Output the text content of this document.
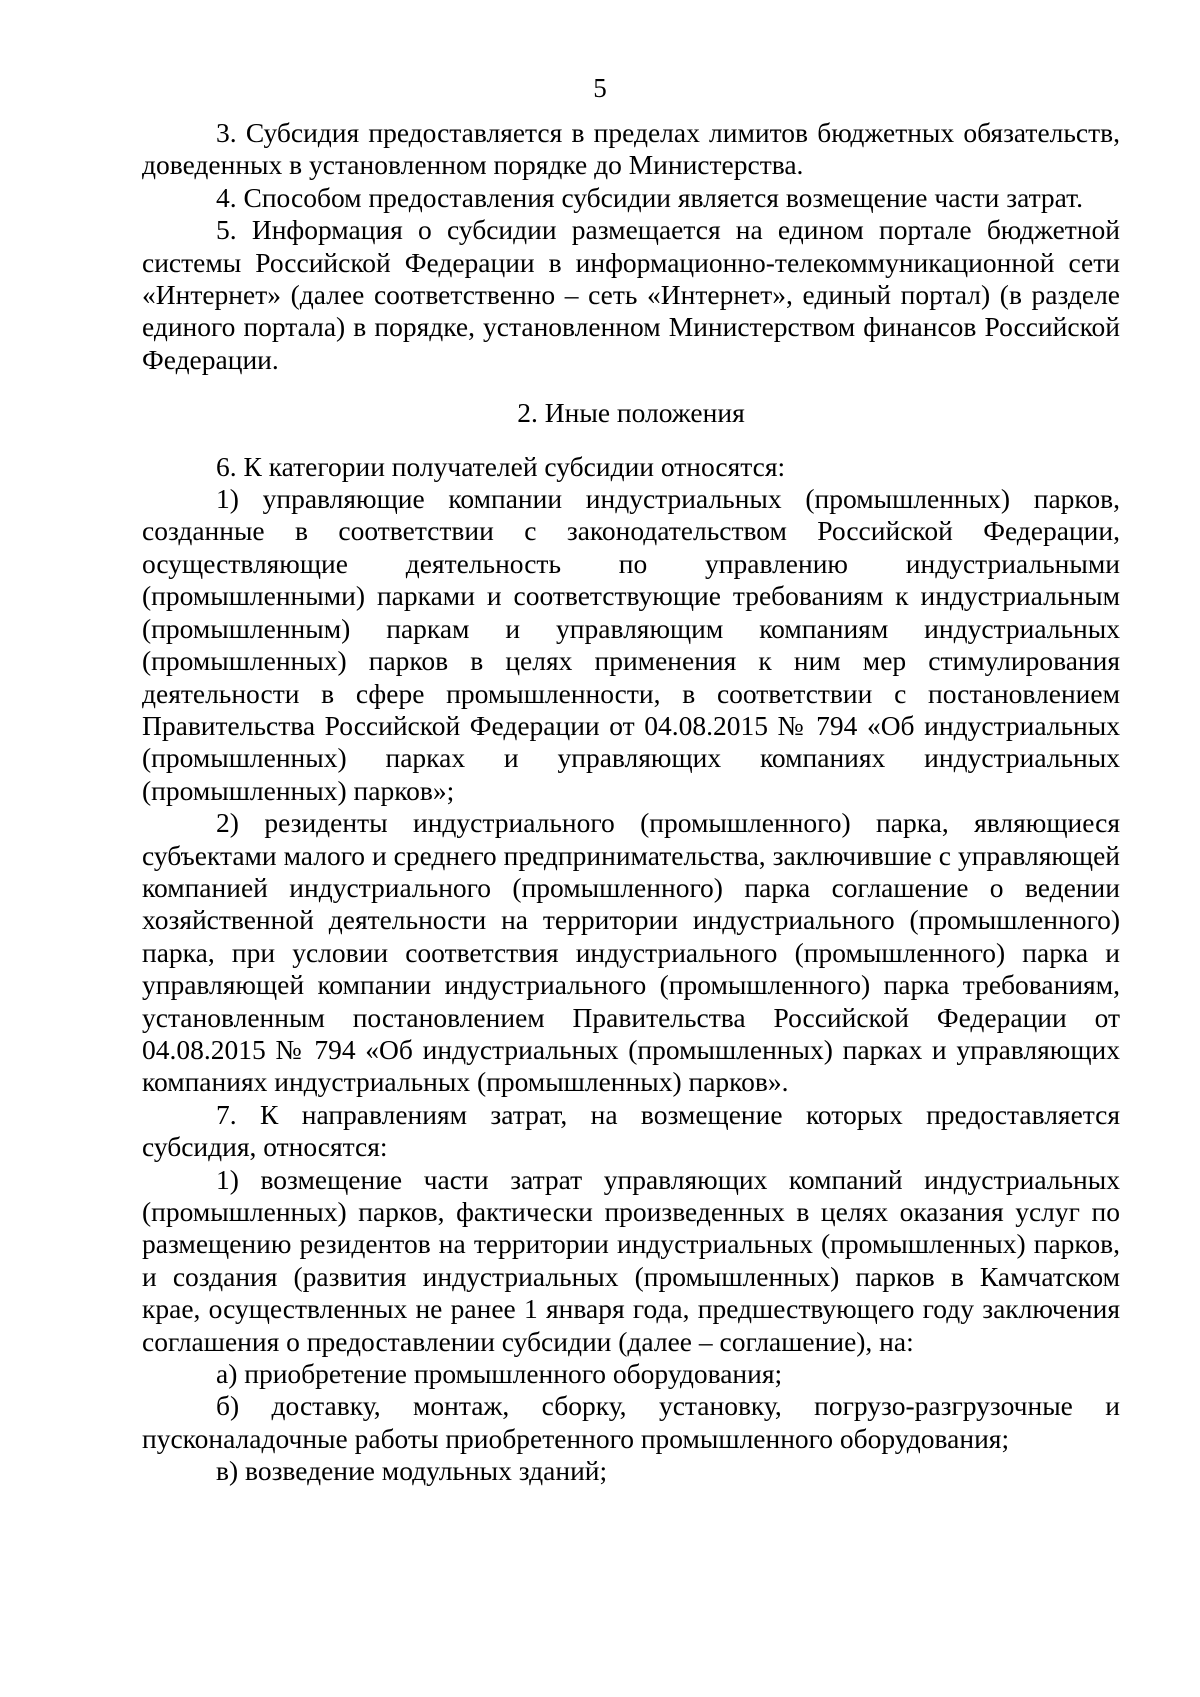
5

3. Субсидия предоставляется в пределах лимитов бюджетных обязательств, доведенных в установленном порядке до Министерства.

4. Способом предоставления субсидии является возмещение части затрат.

5. Информация о субсидии размещается на едином портале бюджетной системы Российской Федерации в информационно-телекоммуникационной сети «Интернет» (далее соответственно – сеть «Интернет», единый портал) (в разделе единого портала) в порядке, установленном Министерством финансов Российской Федерации.

2. Иные положения

6. К категории получателей субсидии относятся:

1) управляющие компании индустриальных (промышленных) парков, созданные в соответствии с законодательством Российской Федерации, осуществляющие деятельность по управлению индустриальными (промышленными) парками и соответствующие требованиям к индустриальным (промышленным) паркам и управляющим компаниям индустриальных (промышленных) парков в целях применения к ним мер стимулирования деятельности в сфере промышленности, в соответствии с постановлением Правительства Российской Федерации от 04.08.2015 № 794 «Об индустриальных (промышленных) парках и управляющих компаниях индустриальных (промышленных) парков»;

2) резиденты индустриального (промышленного) парка, являющиеся субъектами малого и среднего предпринимательства, заключившие с управляющей компанией индустриального (промышленного) парка соглашение о ведении хозяйственной деятельности на территории индустриального (промышленного) парка, при условии соответствия индустриального (промышленного) парка и управляющей компании индустриального (промышленного) парка требованиям, установленным постановлением Правительства Российской Федерации от 04.08.2015 № 794 «Об индустриальных (промышленных) парках и управляющих компаниях индустриальных (промышленных) парков».

7. К направлениям затрат, на возмещение которых предоставляется субсидия, относятся:

1) возмещение части затрат управляющих компаний индустриальных (промышленных) парков, фактически произведенных в целях оказания услуг по размещению резидентов на территории индустриальных (промышленных) парков, и создания (развития индустриальных (промышленных) парков в Камчатском крае, осуществленных не ранее 1 января года, предшествующего году заключения соглашения о предоставлении субсидии (далее – соглашение), на:

а) приобретение промышленного оборудования;

б) доставку, монтаж, сборку, установку, погрузо-разгрузочные и пусконаладочные работы приобретенного промышленного оборудования;

в) возведение модульных зданий;
